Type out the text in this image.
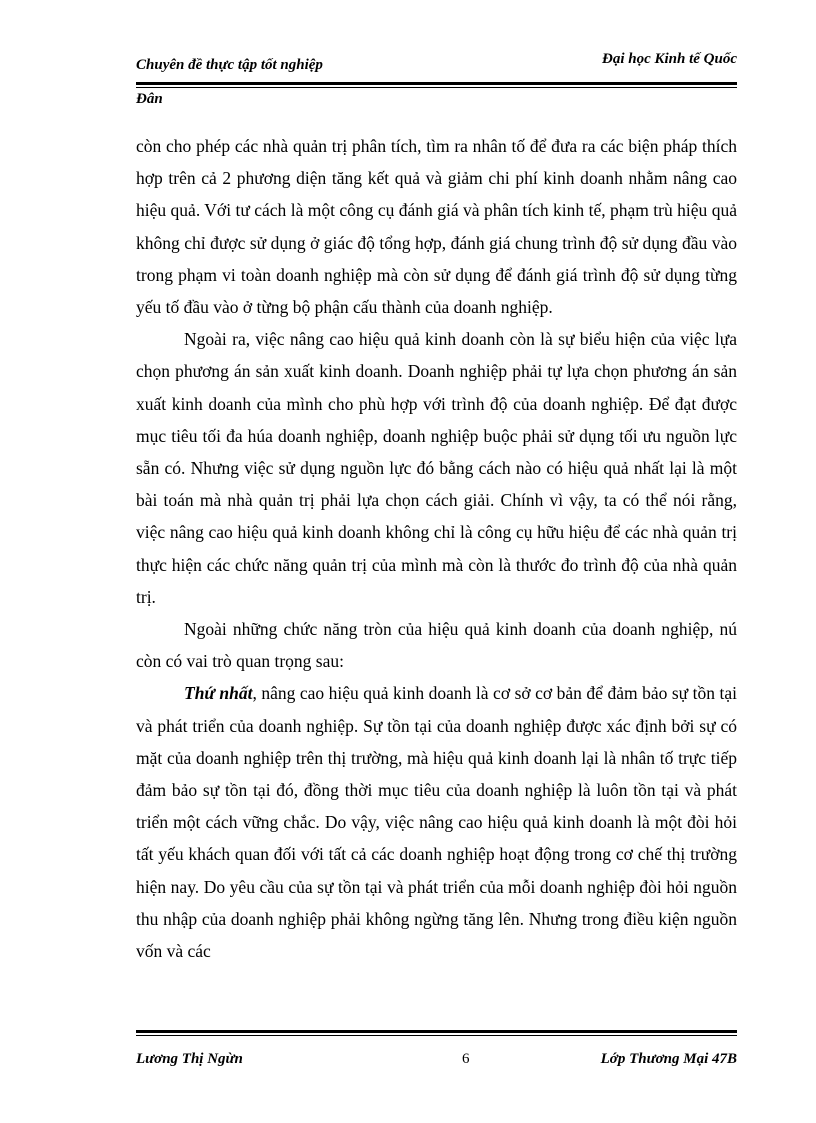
Chuyên đề thực tập tốt nghiệp
Đân
Đại học Kinh tế Quốc

còn cho phép các nhà quản trị phân tích, tìm ra nhân tố để đưa ra các biện pháp thích hợp trên cả 2 phương diện tăng kết quả và giảm chi phí kinh doanh nhằm nâng cao hiệu quả. Với tư cách là một công cụ đánh giá và phân tích kinh tế, phạm trù hiệu quả không chỉ được sử dụng ở giác độ tổng hợp, đánh giá chung trình độ sử dụng đầu vào trong phạm vi toàn doanh nghiệp mà còn sử dụng để đánh giá trình độ sử dụng từng yếu tố đầu vào ở từng bộ phận cấu thành của doanh nghiệp.

Ngoài ra, việc nâng cao hiệu quả kinh doanh còn là sự biểu hiện của việc lựa chọn phương án sản xuất kinh doanh. Doanh nghiệp phải tự lựa chọn phương án sản xuất kinh doanh của mình cho phù hợp với trình độ của doanh nghiệp. Để đạt được mục tiêu tối đa húa doanh nghiệp, doanh nghiệp buộc phải sử dụng tối ưu nguồn lực sẵn có. Nhưng việc sử dụng nguồn lực đó bằng cách nào có hiệu quả nhất lại là một bài toán mà nhà quản trị phải lựa chọn cách giải. Chính vì vậy, ta có thể nói rằng, việc nâng cao hiệu quả kinh doanh không chỉ là công cụ hữu hiệu để các nhà quản trị thực hiện các chức năng quản trị của mình mà còn là thước đo trình độ của nhà quản trị.

Ngoài những chức năng tròn của hiệu quả kinh doanh của doanh nghiệp, nú còn có vai trò quan trọng sau:

Thứ nhất, nâng cao hiệu quả kinh doanh là cơ sở cơ bản để đảm bảo sự tồn tại và phát triển của doanh nghiệp. Sự tồn tại của doanh nghiệp được xác định bởi sự có mặt của doanh nghiệp trên thị trường, mà hiệu quả kinh doanh lại là nhân tố trực tiếp đảm bảo sự tồn tại đó, đồng thời mục tiêu của doanh nghiệp là luôn tồn tại và phát triển một cách vững chắc. Do vậy, việc nâng cao hiệu quả kinh doanh là một đòi hỏi tất yếu khách quan đối với tất cả các doanh nghiệp hoạt động trong cơ chế thị trường hiện nay. Do yêu cầu của sự tồn tại và phát triển của mỗi doanh nghiệp đòi hỏi nguồn thu nhập của doanh nghiệp phải không ngừng tăng lên. Nhưng trong điều kiện nguồn vốn và các

Lương Thị Ngừn	6	Lớp Thương Mại 47B
